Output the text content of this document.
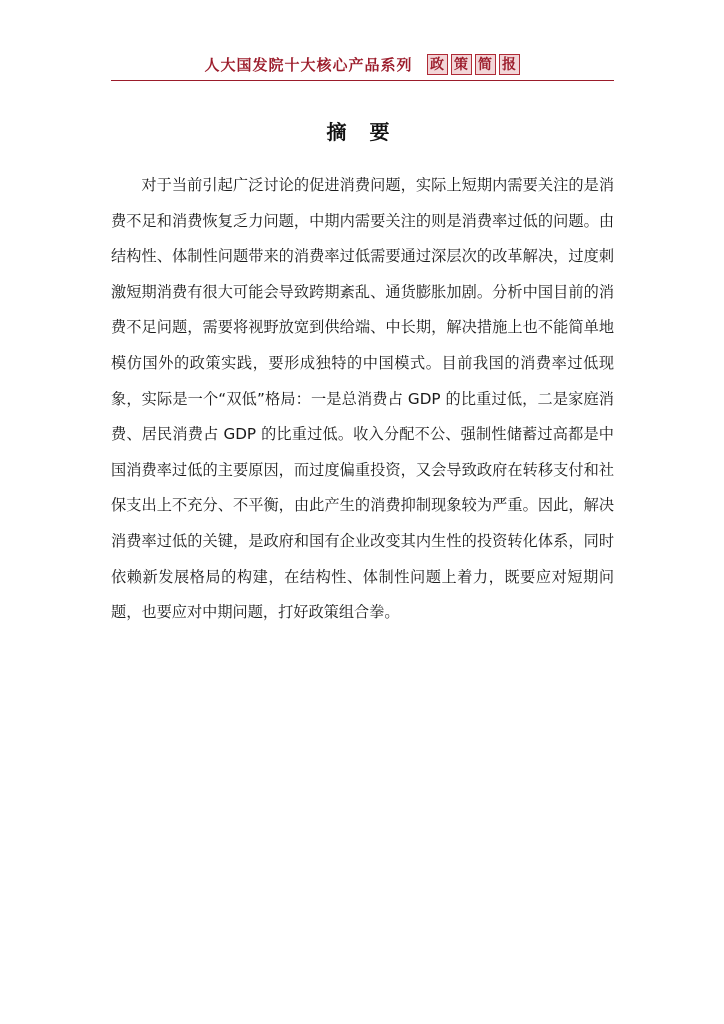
人大国发院十大核心产品系列 政 策 简 报
摘 要

对于当前引起广泛讨论的促进消费问题，实际上短期内需要关注的是消费不足和消费恢复乏力问题，中期内需要关注的则是消费率过低的问题。由结构性、体制性问题带来的消费率过低需要通过深层次的改革解决，过度刺激短期消费有很大可能会导致跨期紊乱、通货膨胀加剧。分析中国目前的消费不足问题，需要将视野放宽到供给端、中长期，解决措施上也不能简单地模仿国外的政策实践，要形成独特的中国模式。目前我国的消费率过低现象，实际是一个“双低”格局：一是总消费占 GDP 的比重过低，二是家庭消费、居民消费占 GDP 的比重过低。收入分配不公、强制性储蓄过高都是中国消费率过低的主要原因，而过度偏重投资，又会导致政府在转移支付和社保支出上不充分、不平衡，由此产生的消费抑制现象较为严重。因此，解决消费率过低的关键，是政府和国有企业改变其内生性的投资转化体系，同时依赖新发展格局的构建，在结构性、体制性问题上着力，既要应对短期问题，也要应对中期问题，打好政策组合拳。
